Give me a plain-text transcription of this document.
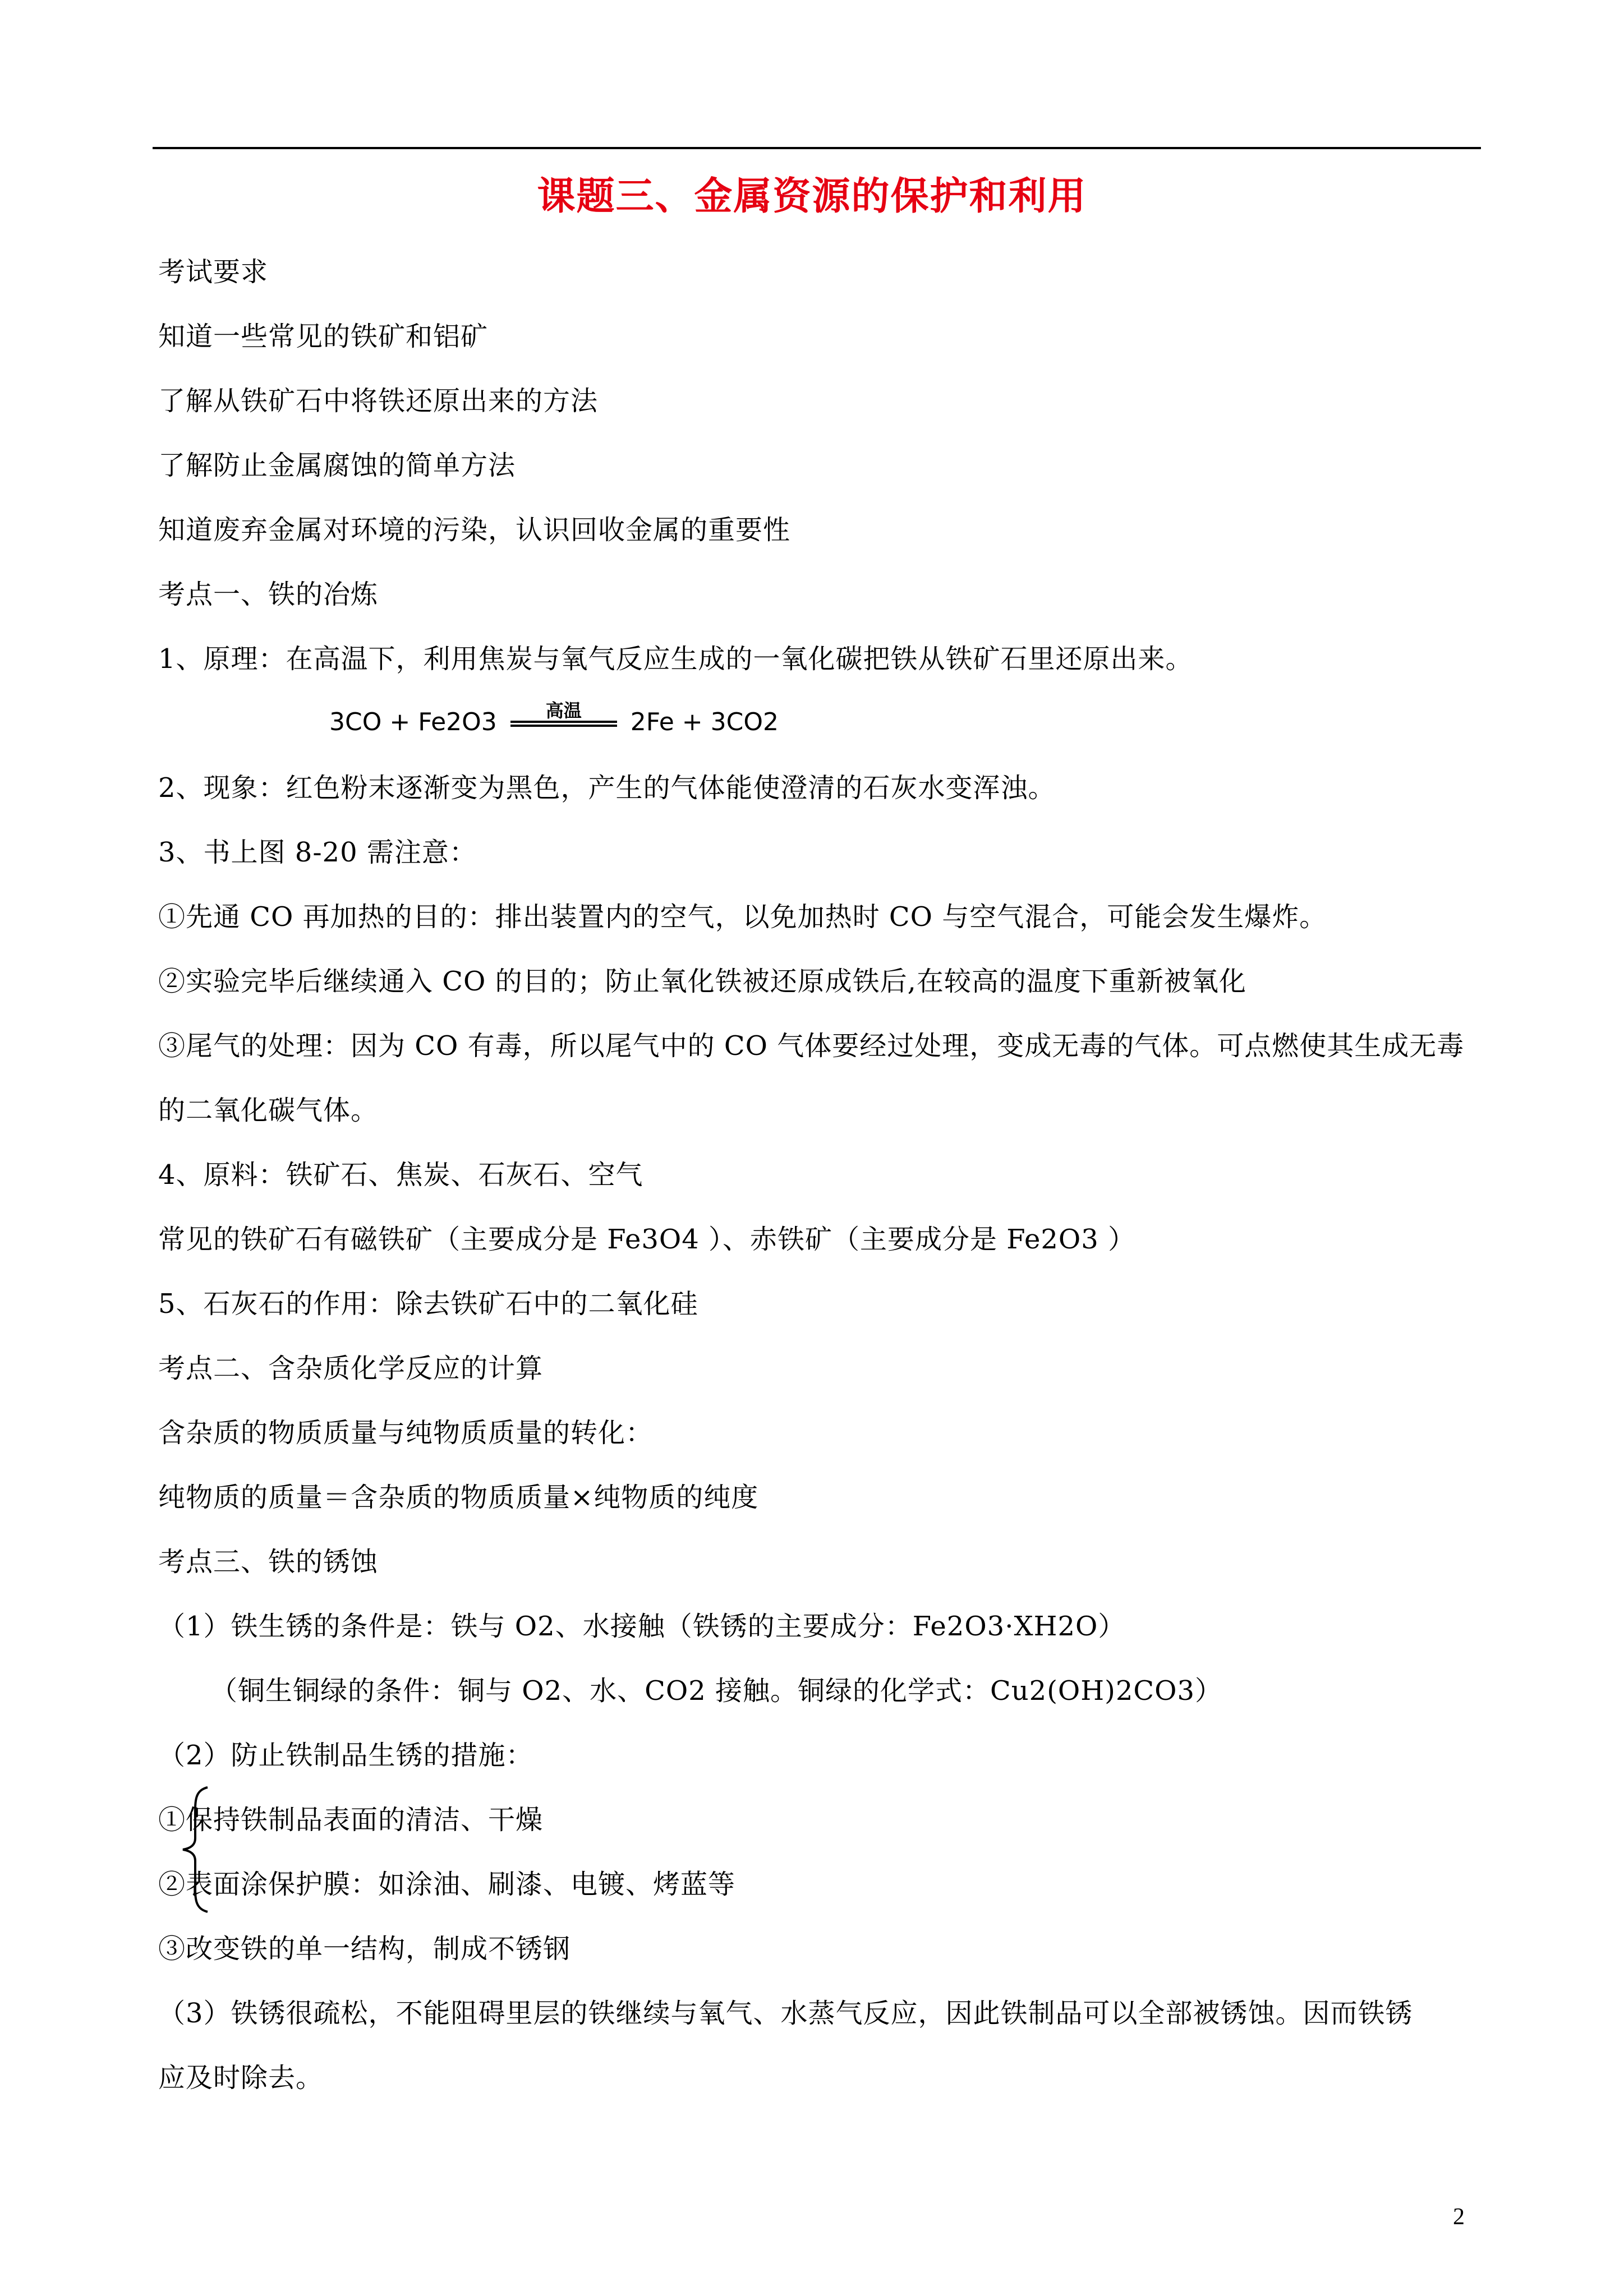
课题三、金属资源的保护和利用
考试要求
知道一些常见的铁矿和铝矿
了解从铁矿石中将铁还原出来的方法
了解防止金属腐蚀的简单方法
知道废弃金属对环境的污染，认识回收金属的重要性
考点一、铁的冶炼
1、原理：在高温下，利用焦炭与氧气反应生成的一氧化碳把铁从铁矿石里还原出来。
3CO + Fe2O3	高温 2Fe + 3CO2
2、现象：红色粉末逐渐变为黑色，产生的气体能使澄清的石灰水变浑浊。
3、书上图 8-20 需注意：
①先通 CO 再加热的目的：排出装置内的空气，以免加热时 CO 与空气混合，可能会发生爆炸。
②实验完毕后继续通入 CO 的目的；防止氧化铁被还原成铁后,在较高的温度下重新被氧化
③尾气的处理：因为 CO 有毒，所以尾气中的 CO 气体要经过处理，变成无毒的气体。可点燃使其生成无毒
的二氧化碳气体。
4、原料：铁矿石、焦炭、石灰石、空气
常见的铁矿石有磁铁矿（主要成分是 Fe3O4 ）、赤铁矿（主要成分是 Fe2O3 ）
5、石灰石的作用：除去铁矿石中的二氧化硅
考点二、含杂质化学反应的计算
含杂质的物质质量与纯物质质量的转化：
纯物质的质量＝含杂质的物质质量×纯物质的纯度
考点三、铁的锈蚀
（1）铁生锈的条件是：铁与 O2、水接触（铁锈的主要成分：Fe2O3·XH2O）
（铜生铜绿的条件：铜与 O2、水、CO2 接触。铜绿的化学式：Cu2(OH)2CO3）
（2）防止铁制品生锈的措施：
①保持铁制品表面的清洁、干燥
②表面涂保护膜：如涂油、刷漆、电镀、烤蓝等
③改变铁的单一结构，制成不锈钢
（3）铁锈很疏松，不能阻碍里层的铁继续与氧气、水蒸气反应，因此铁制品可以全部被锈蚀。因而铁锈
应及时除去。
2
